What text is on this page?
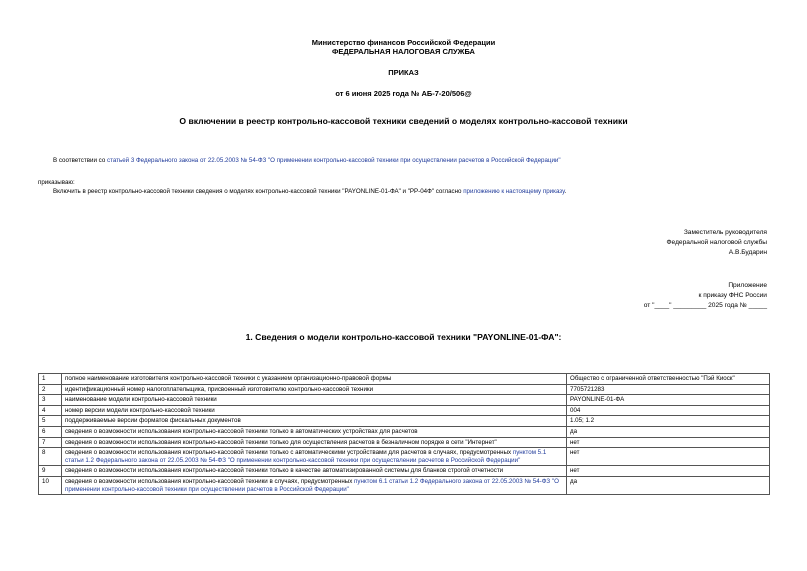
Министерство финансов Российской Федерации
ФЕДЕРАЛЬНАЯ НАЛОГОВАЯ СЛУЖБА
ПРИКАЗ
от 6 июня 2025 года № АБ-7-20/506@
О включении в реестр контрольно-кассовой техники сведений о моделях контрольно-кассовой техники
В соответствии со статьей 3 Федерального закона от 22.05.2003 № 54-ФЗ "О применении контрольно-кассовой техники при осуществлении расчетов в Российской Федерации"
приказываю:
Включить в реестр контрольно-кассовой техники сведения о моделях контрольно-кассовой техники "PAYONLINE-01-ФА" и "PP-04Ф" согласно приложению к настоящему приказу.
Заместитель руководителя
Федеральной налоговой службы
А.В.Бударин
Приложение
к приказу ФНС России
от "____" _________ 2025 года № _____
1. Сведения о модели контрольно-кассовой техники "PAYONLINE-01-ФА":
1	полное наименование изготовителя контрольно-кассовой техники с указанием организационно-правовой формы	Общество с ограниченной ответственностью "Пэй Киоск"
2	идентификационный номер налогоплательщика, присвоенный изготовителю контрольно-кассовой техники	7705721283
3	наименование модели контрольно-кассовой техники	PAYONLINE-01-ФА
4	номер версии модели контрольно-кассовой техники	004
5	поддерживаемые версии форматов фискальных документов	1.05; 1.2
6	сведения о возможности использования контрольно-кассовой техники только в автоматических устройствах для расчетов	да
7	сведения о возможности использования контрольно-кассовой техники только для осуществления расчетов в безналичном порядке в сети "Интернет"	нет
8	сведения о возможности использования контрольно-кассовой техники только с автоматическими устройствами для расчетов в случаях, предусмотренных пунктом 5.1 статьи 1.2 Федерального закона от 22.05.2003 № 54-ФЗ "О применении контрольно-кассовой техники при осуществлении расчетов в Российской Федерации"	нет
9	сведения о возможности использования контрольно-кассовой техники только в качестве автоматизированной системы для бланков строгой отчетности	нет
10	сведения о возможности использования контрольно-кассовой техники в случаях, предусмотренных пунктом 6.1 статьи 1.2 Федерального закона от 22.05.2003 № 54-ФЗ "О применении контрольно-кассовой техники при осуществлении расчетов в Российской Федерации"	да
